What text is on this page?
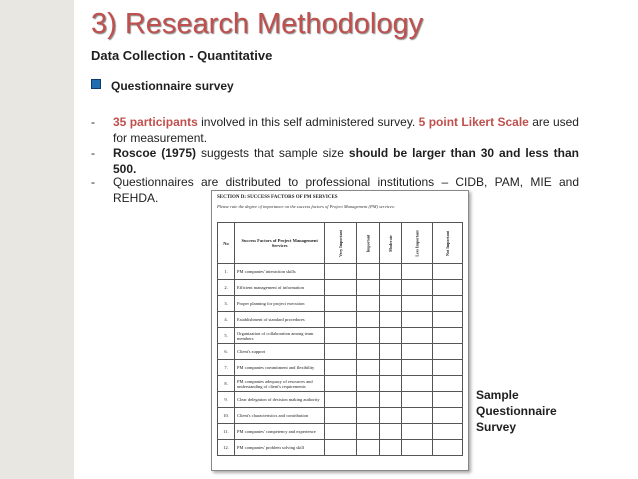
3) Research Methodology
Data Collection - Quantitative
Questionnaire survey
- 35 participants involved in this self administered survey. 5 point Likert Scale are used for measurement.
- Roscoe (1975) suggests that sample size should be larger than 30 and less than 500.
- Questionnaires are distributed to professional institutions – CIDB, PAM, MIE and REHDA.	SECTION D: SUCCESS FACTORS OF PM SERVICES
Please rate the degree of importance on the success factors of Project Management (PM) services:
No	Success Factors of Project Management Services	Very Important	Important	Moderate	Less Important	Not Important

1.	PM companies' interaction skills					
2.	Efficient management of information					
3.	Proper planning for project execution					
4.	Establishment of standard procedures					
5.	Organization of collaboration among team members					
6.	Client's support					
7.	PM companies commitment and flexibility					
8.	PM companies adequacy of resources and understanding of client's requirements					
9.	Clear delegation of decision making authority					
10.	Client's characteristics and contribution					
11.	PM companies' competency and experience					
12.	PM companies' problem solving skill					
Sample
Questionnaire
Survey
